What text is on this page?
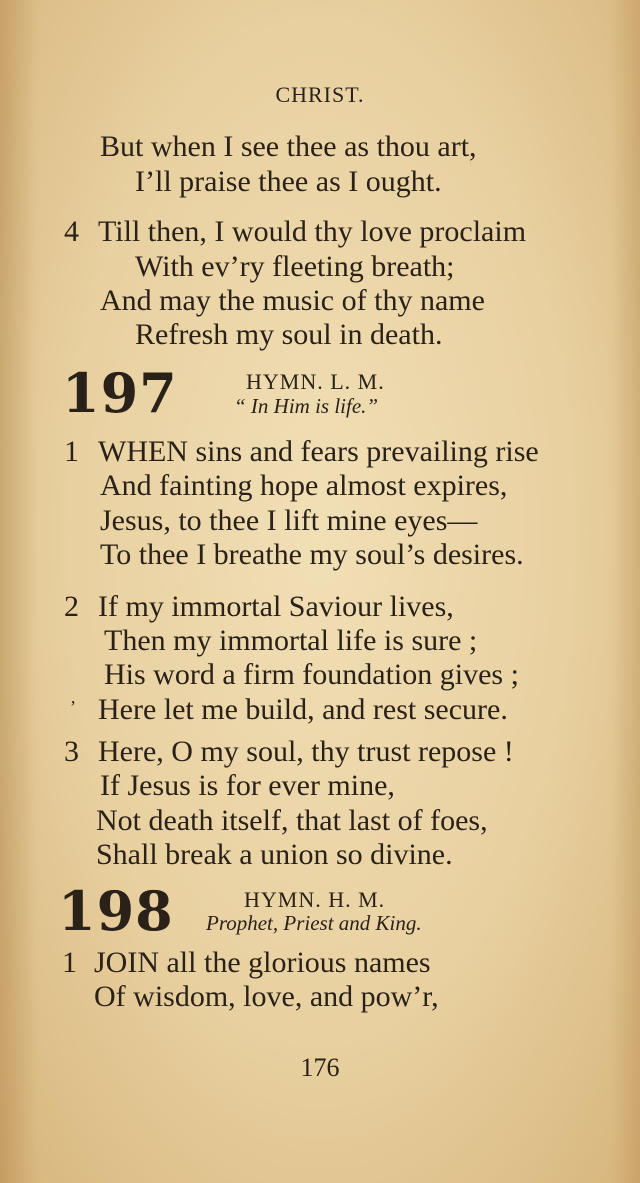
CHRIST.
But when I see thee as thou art,
I’ll praise thee as I ought.
4 Till then, I would thy love proclaim
With ev’ry fleeting breath;
And may the music of thy name
Refresh my soul in death.
197	HYMN. L. M.
“ In Him is life.”
1 WHEN sins and fears prevailing rise
And fainting hope almost expires,
Jesus, to thee I lift mine eyes—
To thee I breathe my soul’s desires.
2 If my immortal Saviour lives,
Then my immortal life is sure ;
His word a firm foundation gives ;
’ Here let me build, and rest secure.
3 Here, O my soul, thy trust repose !
If Jesus is for ever mine,
Not death itself, that last of foes,
Shall break a union so divine.
198	HYMN. H. M.
Prophet, Priest and King.
1 JOIN all the glorious names
Of wisdom, love, and pow’r,
176
